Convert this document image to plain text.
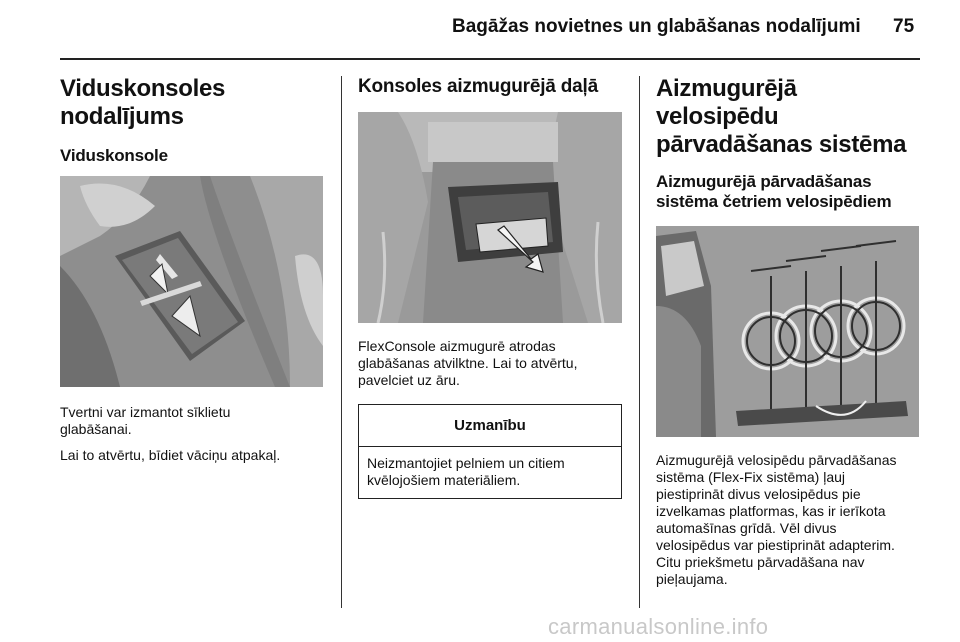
Bagāžas novietnes un glabāšanas nodalījumi 75
Viduskonsoles nodalījums
Viduskonsole

Tvertni var izmantot sīklietu glabāšanai.

Lai to atvērtu, bīdiet vāciņu atpakaļ.

Konsoles aizmugurējā daļā

FlexConsole aizmugurē atrodas glabāšanas atvilktne. Lai to atvērtu, pavelciet uz āru.

Uzmanību
Neizmantojiet pelniem un citiem kvēlojošiem materiāliem.
Aizmugurējā velosipēdu pārvadāšanas sistēma
Aizmugurējā pārvadāšanas sistēma četriem velosipēdiem

Aizmugurējā velosipēdu pārvadāšanas sistēma (Flex-Fix sistēma) ļauj piestiprināt divus velosipēdus pie izvelkamas platformas, kas ir ierīkota automašīnas grīdā. Vēl divus velosipēdus var piestiprināt adapterim. Citu priekšmetu pārvadāšana nav pieļaujama.

carmanualsonline.info
